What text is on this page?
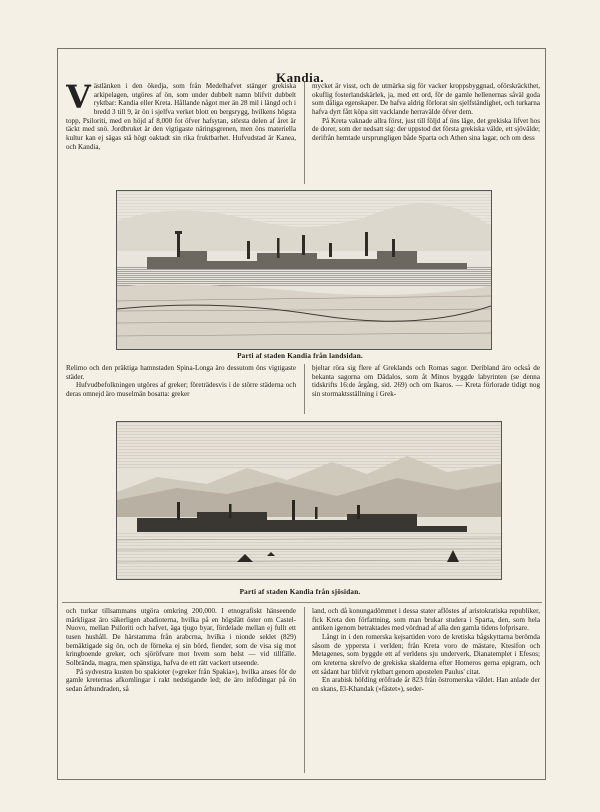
Kandia.

Västlänken i den ökedja, som från Medelhafvet stänger grekiska arkipelagen, utgöres af ön, som under dubbelt namn blifvit dubbelt ryktbar: Kandia eller Kreta. Hållande något mer än 28 mil i längd och i bredd 3 till 9, är ön i sjelfva verket blott en bergsrygg, hvilkens högsta topp, Psiloriti, med en höjd af 8,000 fot öfver hafsytan, största delen af året är täckt med snö. Jordbruket är den vigtigaste näringsgrenen, men öns materiella kultur kan ej sägas stå högt oaktadt sin rika fruktbarhet. Hufvudstad är Kanea, och Kandia,

mycket är visst, och de utmärka sig för vacker kroppsbyggnad, oförskräckthet, okuflig fosterlandskärlek, ja, med ett ord, för de gamle hellenernas såväl goda som dåliga egenskaper. De hafva aldrig förlorat sin sjelfständighet, och turkarna hafva dyrt fått köpa sitt vacklande herravälde öfver dem.

På Kreta vaknade allra först, just till följd af öns läge, det grekiska lifvet hos de dorer, som der nedsatt sig: der uppstod det första grekiska välde, ett sjövälde; derifrån hemtade ursprungligen både Sparta och Athen sina lagar, och om dess

Parti af staden Kandia från landsidan.

Relimo och den präktiga hamnstaden Spina-Longa äro dessutom öns vigtigaste städer.

Hufvudbefolkningen utgöres af greker; företrädesvis i de större städerna och deras omnejd äro muselmän bosatta: greker

bjeltar röra sig flere af Greklands och Romas sagor. Deribland äro också de bekanta sagorna om Dädalos, som åt Minos byggde labyrinten (se denna tidskrifts 16:de årgång, sid. 269) och om Ikaros. — Kreta förlorade tidigt nog sin stormaktsställning i Grek-

Parti af staden Kandia från sjösidan.

och turkar tillsammans utgöra omkring 200,000. I etnografiskt hänseende märkligast äro säkerligen abadioterna, hvilka på en högslätt öster om Castel-Nuovo, mellan Psiloriti och hafvet, äga tjugo byar, fördelade mellan ej fullt ett tusen hushåll. De härstamma från arabcrna, hvilka i nionde seklet (829) bemäktigade sig ön, och de förneka ej sin börd, fiender, som de visa sig mot kringboende greker, och sjöröfvare mot hvem som helst — vid tillfälle. Solbrända, magra, men spänstiga, hafva de ett rätt vackert utseende.

På sydvestra kusten bo spakioter (»greker från Spakia»), hvilka anses för de gamle kreternas afkomlingar i rakt nedstigande led; de äro infödingar på ön sedan århundraden, så

land, och då konungadömmet i dessa stater aflöstes af aristokratiska republiker, fick Kreta den författning, som man brukar studera i Sparta, den, som hela antiken igenom betraktades med vördnad af alla den gamla tidens lofprisare.

Långt in i den romerska kejsartiden voro de kretiska bågskyttarna berömda såsom de yppersta i verlden; från Kreta voro de mästare, Ktesifon och Metagenes, som byggde ett af verldens sju underverk, Dianatemplet i Efesos; om kreterna skrefvo de grekiska skalderna efter Homeros gerna epigram, och ett sådant har blifvit ryktbart genom apostelen Paulus' citat.

En arabisk höfding eröfrade år 823 från östromerska väldet. Han anlade der en skans, El-Khandak (»fästet»), seder-
